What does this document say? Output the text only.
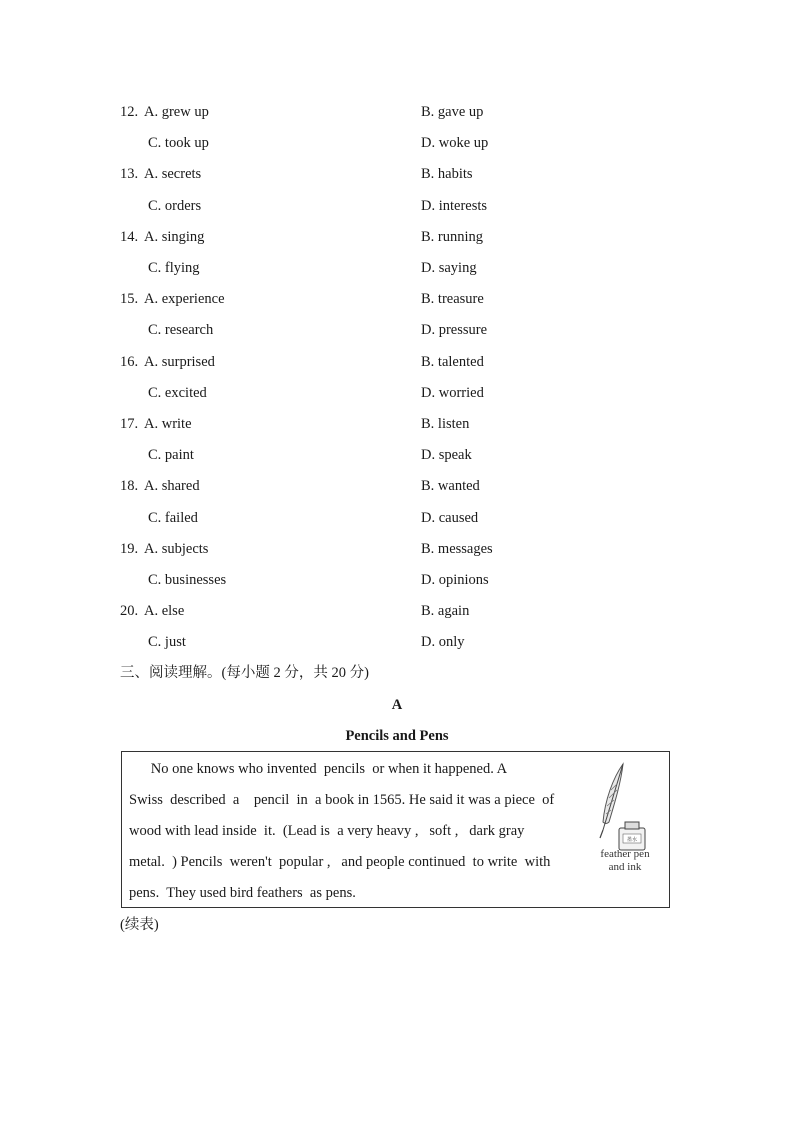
12. A. grew up	B. gave up
C. took up	D. woke up
13. A. secrets	B. habits
C. orders	D. interests
14. A. singing	B. running
C. flying	D. saying
15. A. experience	B. treasure
C. research	D. pressure
16. A. surprised	B. talented
C. excited	D. worried
17. A. write	B. listen
C. paint	D. speak
18. A. shared	B. wanted
C. failed	D. caused
19. A. subjects	B. messages
C. businesses	D. opinions
20. A. else	B. again
C. just	D. only
三、阅读理解。(每小题 2 分，共 20 分)
A
Pencils and Pens
No one knows who invented  pencils  or when it happened. A
Swiss  described  a    pencil  in  a book in 1565. He said it was a piece  of
wood with lead inside  it.  (Lead is  a very heavy ,   soft ,   dark gray
metal.  ) Pencils  weren't  popular ,   and people continued  to write  with
pens.  They used bird feathers  as pens.
墨水
feather pen
and ink
(续表)
